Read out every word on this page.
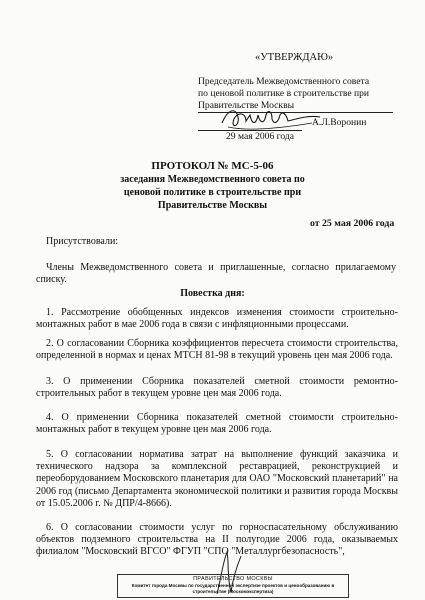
«УТВЕРЖДАЮ»
Председатель Межведомственного совета
по ценовой политике в строительстве при
Правительстве Москвы
А.Л.Воронин
29 мая 2006 года
ПРОТОКОЛ № МС-5-06
заседания Межведомственного совета по
ценовой политике в строительстве при
Правительстве Москвы
от 25 мая 2006 года
Присутствовали:
Члены Межведомственного совета и приглашенные, согласно прилагаемому списку.
Повестка дня:
1. Рассмотрение обобщенных индексов изменения стоимости строительно-монтажных работ в мае 2006 года в связи с инфляционными процессами.
2. О согласовании Сборника коэффициентов пересчета стоимости строительства, определенной в нормах и ценах МТСН 81-98 в текущий уровень цен мая 2006 года.
3. О применении Сборника показателей сметной стоимости ремонтно-строительных работ в текущем уровне цен мая 2006 года.
4. О применении Сборника показателей сметной стоимости строительно-монтажных работ в текущем уровне цен мая 2006 года.
5. О согласовании норматива затрат на выполнение функций заказчика и технического надзора за комплексной реставрацией, реконструкцией и переоборудованием Московского планетария для ОАО "Московский планетарий" на 2006 год (письмо Департамента экономической политики и развития города Москвы от 15.05.2006 г. № ДПР/4-8666).
6. О согласовании стоимости услуг по горноспасательному обслуживанию объектов подземного строительства на II полугодие 2006 года, оказываемых филиалом "Московский ВГСО" ФГУП "СПО "Металлургбезопасность",
ПРАВИТЕЛЬСТВО МОСКВЫ
Комитет города Москвы по государственной экспертизе проектов и ценообразованию в строительстве (Москомэкспертиза)
